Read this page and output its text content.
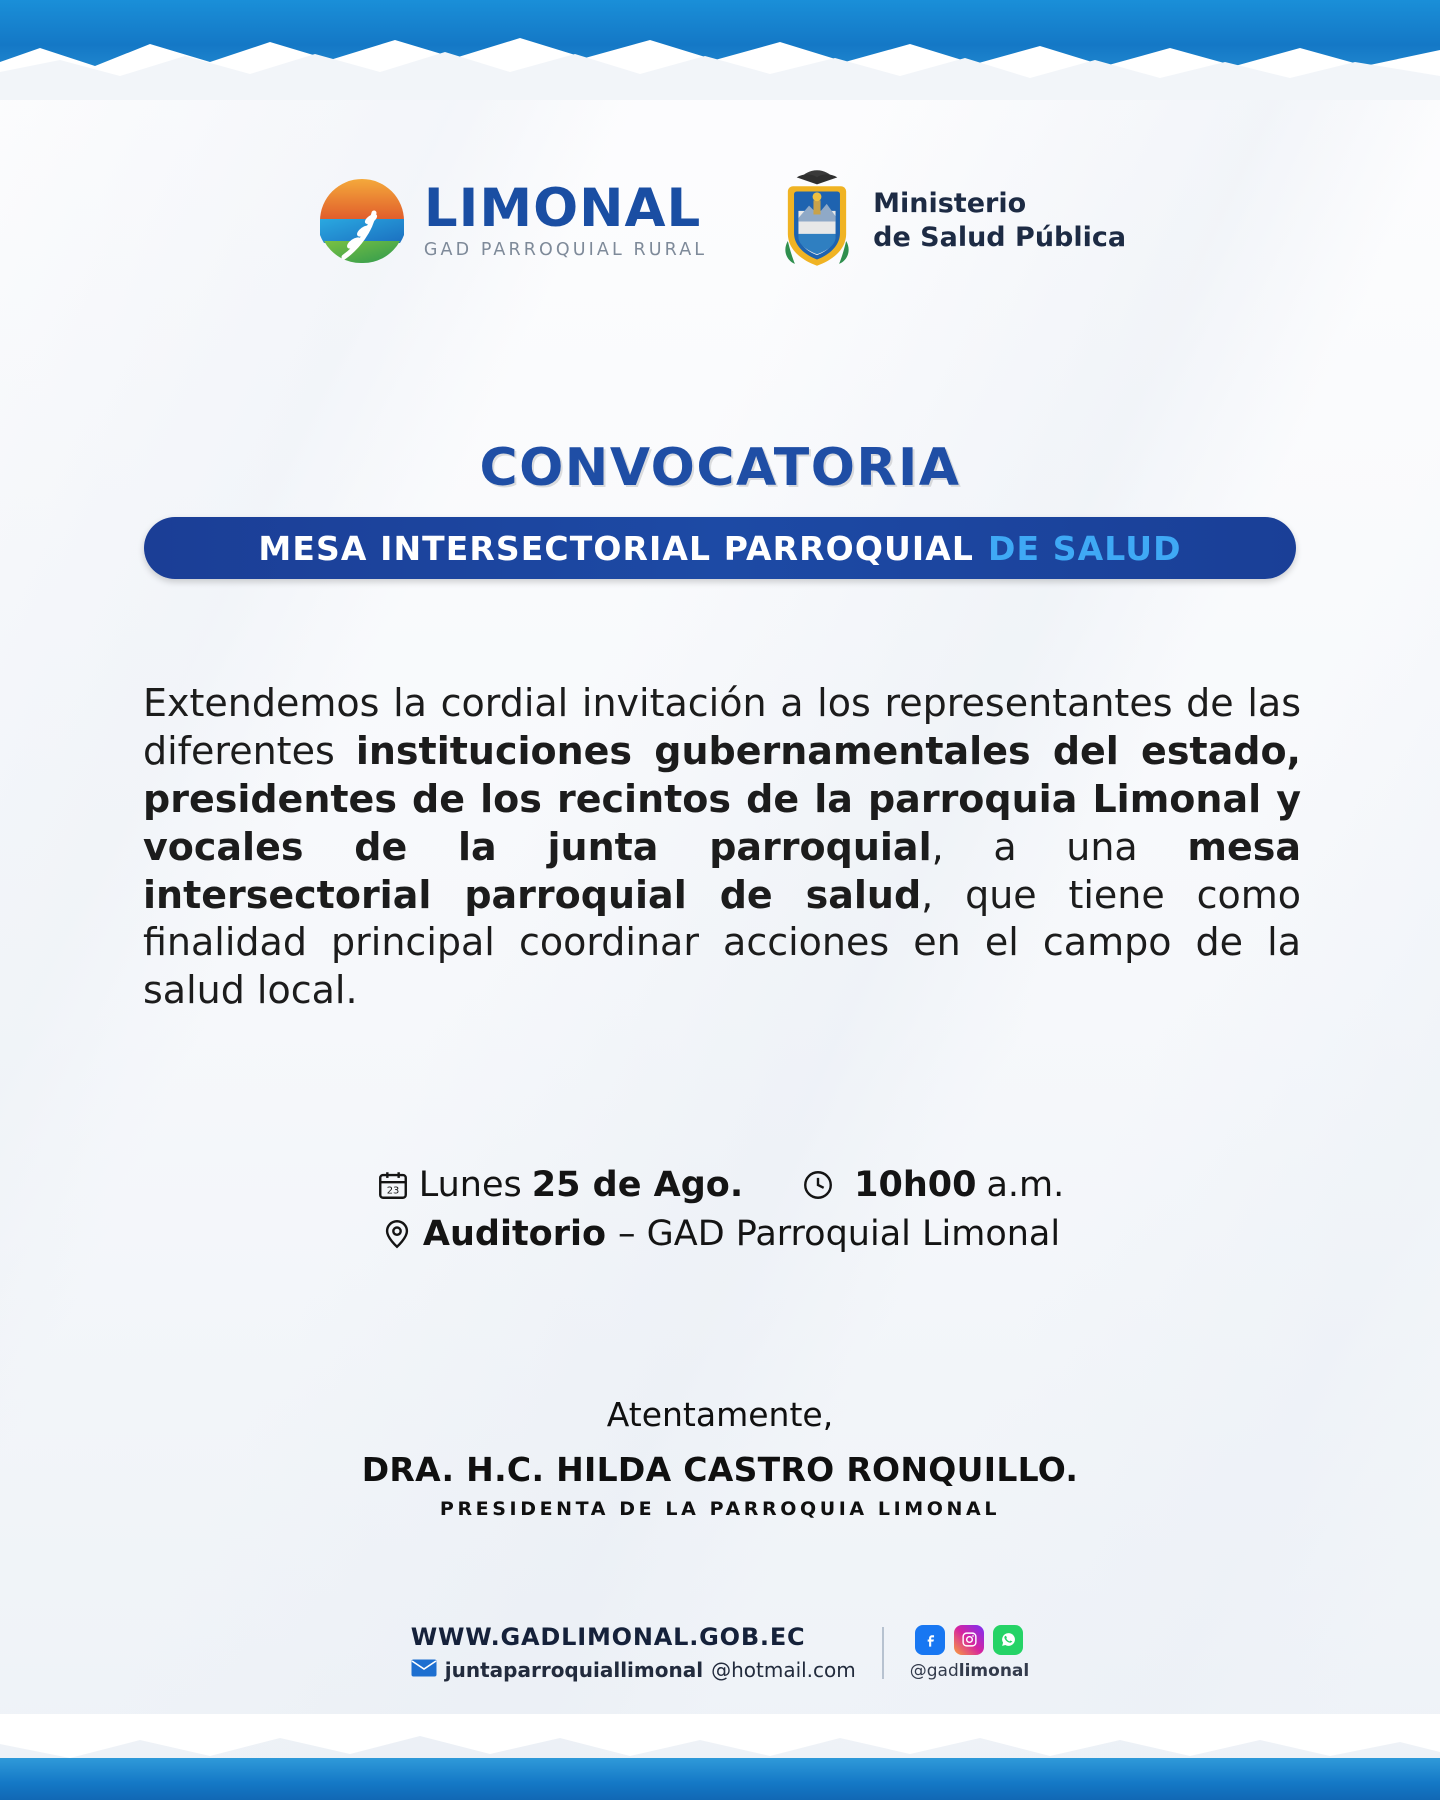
LIMONAL
GAD PARROQUIAL RURAL
Ministerio
de Salud Pública
CONVOCATORIA
MESA INTERSECTORIAL PARROQUIAL DE SALUD
Extendemos la cordial invitación a los representantes de las diferentes instituciones gubernamentales del estado, presidentes de los recintos de la parroquia Limonal y vocales de la junta parroquial, a una mesa intersectorial parroquial de salud, que tiene como finalidad principal coordinar acciones en el campo de la salud local.
23 Lunes 25 de Ago.	10h00 a.m.
Auditorio – GAD Parroquial Limonal
Atentamente,
DRA. H.C. HILDA CASTRO RONQUILLO.
PRESIDENTA DE LA PARROQUIA LIMONAL
WWW.GADLIMONAL.GOB.EC
juntaparroquiallimonal @hotmail.com	@gadlimonal
